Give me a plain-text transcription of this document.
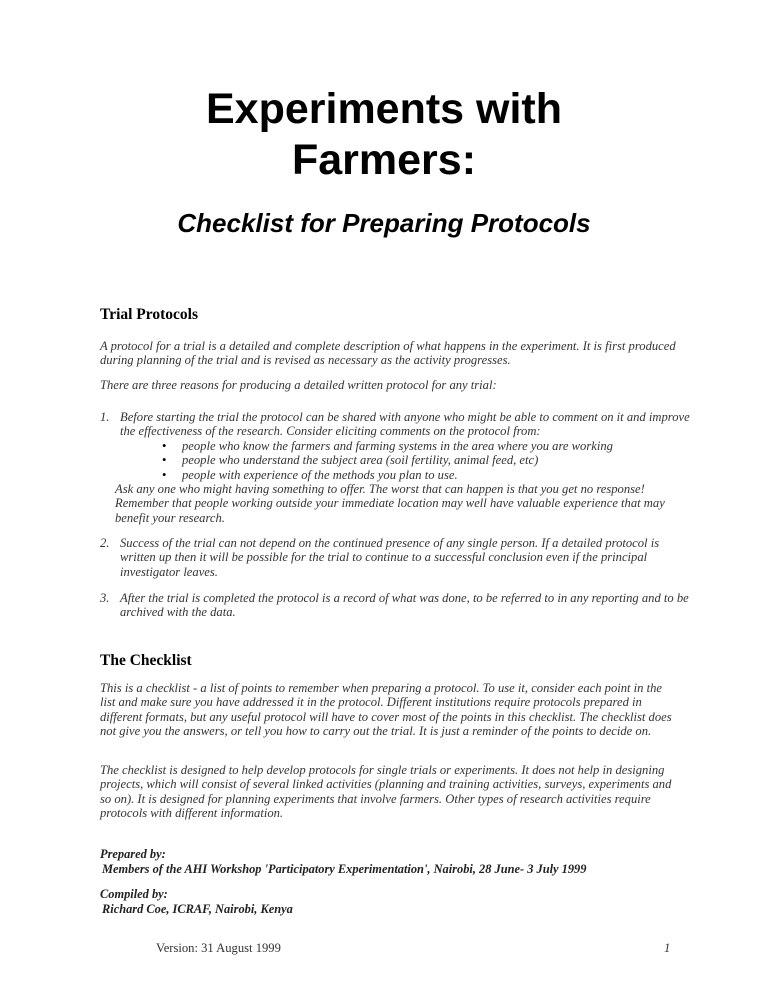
Experiments with
Farmers:
Checklist for Preparing Protocols
Trial Protocols

A protocol for a trial is a detailed and complete description of what happens in the experiment. It is first produced during planning of the trial and is revised as necessary as the activity progresses.

There are three reasons for producing a detailed written protocol for any trial:

1. Before starting the trial the protocol can be shared with anyone who might be able to comment on it and improve the effectiveness of the research. Consider eliciting comments on the protocol from:
• people who know the farmers and farming systems in the area where you are working
• people who understand the subject area (soil fertility, animal feed, etc)
• people with experience of the methods you plan to use.
Ask any one who might having something to offer. The worst that can happen is that you get no response! Remember that people working outside your immediate location may well have valuable experience that may benefit your research.
2. Success of the trial can not depend on the continued presence of any single person. If a detailed protocol is written up then it will be possible for the trial to continue to a successful conclusion even if the principal investigator leaves.
3. After the trial is completed the protocol is a record of what was done, to be referred to in any reporting and to be archived with the data.
The Checklist

This is a checklist - a list of points to remember when preparing a protocol. To use it, consider each point in the list and make sure you have addressed it in the protocol. Different institutions require protocols prepared in different formats, but any useful protocol will have to cover most of the points in this checklist. The checklist does not give you the answers, or tell you how to carry out the trial. It is just a reminder of the points to decide on.

The checklist is designed to help develop protocols for single trials or experiments. It does not help in designing projects, which will consist of several linked activities (planning and training activities, surveys, experiments and so on). It is designed for planning experiments that involve farmers. Other types of research activities require protocols with different information.

Prepared by:
Members of the AHI Workshop 'Participatory Experimentation', Nairobi, 28 June- 3 July 1999
Compiled by:
Richard Coe, ICRAF, Nairobi, Kenya
Version: 31 August 1999	1
